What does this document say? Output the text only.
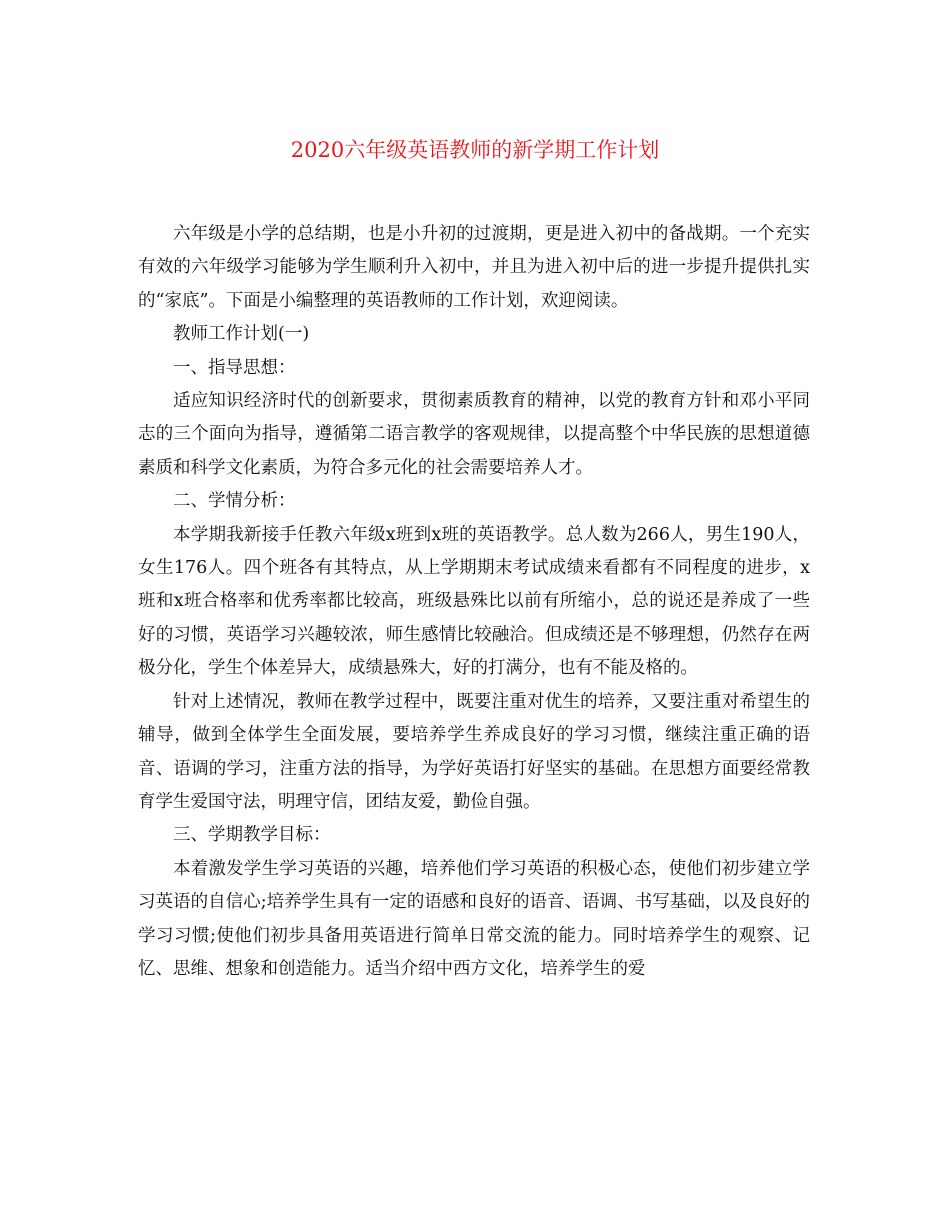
2020六年级英语教师的新学期工作计划

六年级是小学的总结期，也是小升初的过渡期，更是进入初中的备战期。一个充实有效的六年级学习能够为学生顺利升入初中，并且为进入初中后的进一步提升提供扎实的“家底”。下面是小编整理的英语教师的工作计划，欢迎阅读。

教师工作计划(一)

一、指导思想：

适应知识经济时代的创新要求，贯彻素质教育的精神，以党的教育方针和邓小平同志的三个面向为指导，遵循第二语言教学的客观规律，以提高整个中华民族的思想道德素质和科学文化素质，为符合多元化的社会需要培养人才。

二、学情分析：

本学期我新接手任教六年级x班到x班的英语教学。总人数为266人，男生190人，女生176人。四个班各有其特点，从上学期期末考试成绩来看都有不同程度的进步，x班和x班合格率和优秀率都比较高，班级悬殊比以前有所缩小，总的说还是养成了一些好的习惯，英语学习兴趣较浓，师生感情比较融洽。但成绩还是不够理想，仍然存在两极分化，学生个体差异大，成绩悬殊大，好的打满分，也有不能及格的。

针对上述情况，教师在教学过程中，既要注重对优生的培养，又要注重对希望生的辅导，做到全体学生全面发展，要培养学生养成良好的学习习惯，继续注重正确的语音、语调的学习，注重方法的指导，为学好英语打好坚实的基础。在思想方面要经常教育学生爱国守法，明理守信，团结友爱，勤俭自强。

三、学期教学目标：

本着激发学生学习英语的兴趣，培养他们学习英语的积极心态，使他们初步建立学习英语的自信心;培养学生具有一定的语感和良好的语音、语调、书写基础，以及良好的学习习惯;使他们初步具备用英语进行简单日常交流的能力。同时培养学生的观察、记忆、思维、想象和创造能力。适当介绍中西方文化，培养学生的爱
